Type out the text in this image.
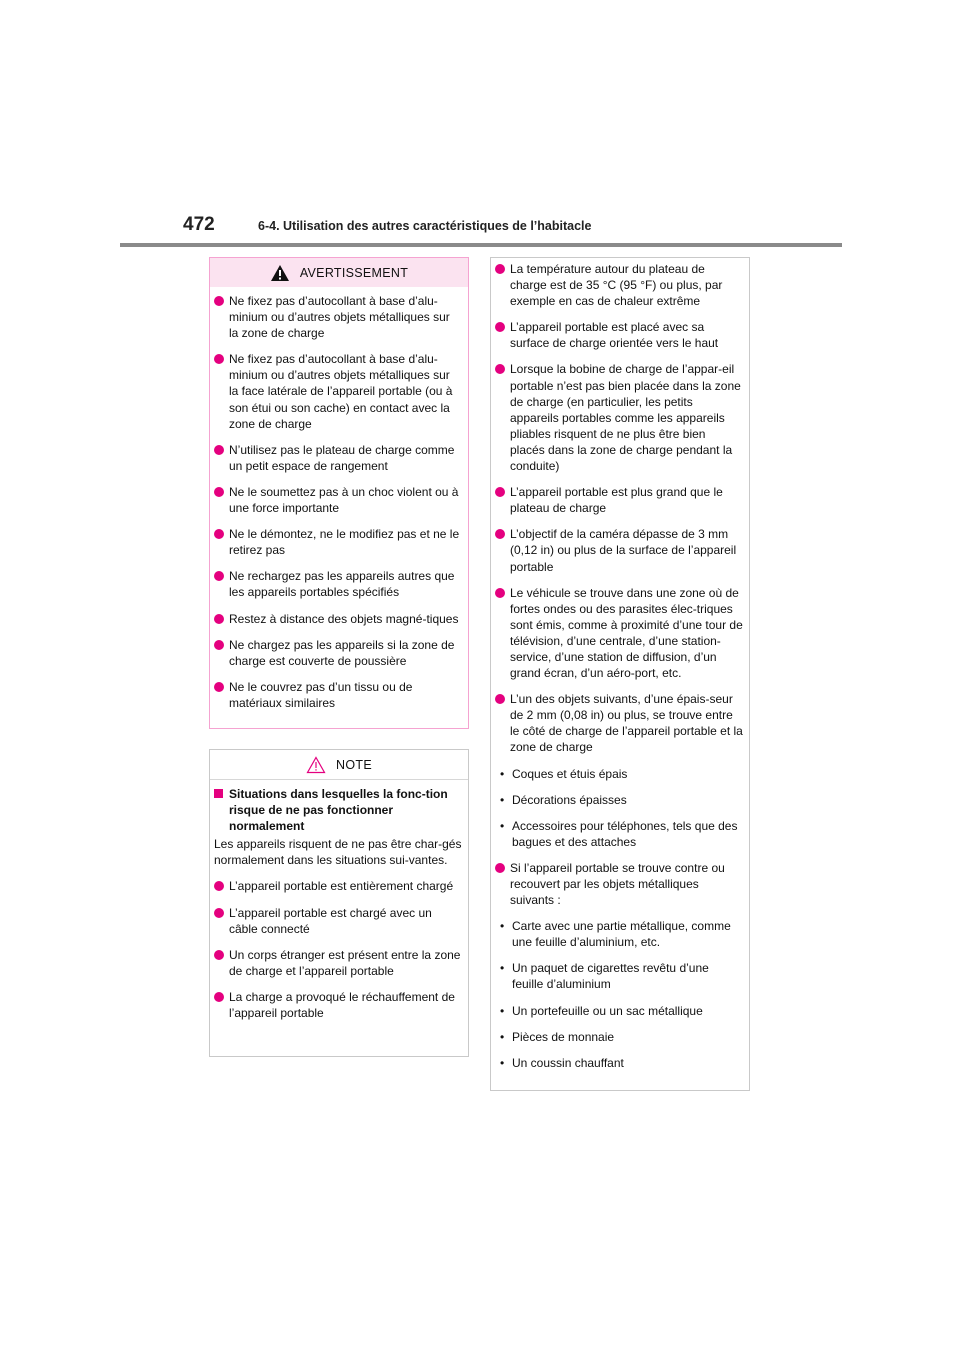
472	6-4. Utilisation des autres caractéristiques de l’habitacle
AVERTISSEMENT
Ne fixez pas d’autocollant à base d’alu-minium ou d’autres objets métalliques sur la zone de charge
Ne fixez pas d’autocollant à base d’alu-minium ou d’autres objets métalliques sur la face latérale de l’appareil portable (ou à son étui ou son cache) en contact avec la zone de charge
N’utilisez pas le plateau de charge comme un petit espace de rangement
Ne le soumettez pas à un choc violent ou à une force importante
Ne le démontez, ne le modifiez pas et ne le retirez pas
Ne rechargez pas les appareils autres que les appareils portables spécifiés
Restez à distance des objets magné-tiques
Ne chargez pas les appareils si la zone de charge est couverte de poussière
Ne le couvrez pas d’un tissu ou de matériaux similaires
NOTE
Situations dans lesquelles la fonc-tion risque de ne pas fonctionner normalement
Les appareils risquent de ne pas être char-gés normalement dans les situations sui-vantes.
L’appareil portable est entièrement chargé
L’appareil portable est chargé avec un câble connecté
Un corps étranger est présent entre la zone de charge et l’appareil portable
La charge a provoqué le réchauffement de l’appareil portable
La température autour du plateau de charge est de 35 °C (95 °F) ou plus, par exemple en cas de chaleur extrême
L’appareil portable est placé avec sa surface de charge orientée vers le haut
Lorsque la bobine de charge de l’appar-eil portable n’est pas bien placée dans la zone de charge (en particulier, les petits appareils portables comme les appareils pliables risquent de ne plus être bien placés dans la zone de charge pendant la conduite)
L’appareil portable est plus grand que le plateau de charge
L’objectif de la caméra dépasse de 3 mm (0,12 in) ou plus de la surface de l’appareil portable
Le véhicule se trouve dans une zone où de fortes ondes ou des parasites élec-triques sont émis, comme à proximité d’une tour de télévision, d’une centrale, d’une station-service, d’une station de diffusion, d’un grand écran, d’un aéro-port, etc.
L’un des objets suivants, d’une épais-seur de 2 mm (0,08 in) ou plus, se trouve entre le côté de charge de l’appareil portable et la zone de charge
• Coques et étuis épais
• Décorations épaisses
• Accessoires pour téléphones, tels que des bagues et des attaches
Si l’appareil portable se trouve contre ou recouvert par les objets métalliques suivants :
• Carte avec une partie métallique, comme une feuille d’aluminium, etc.
• Un paquet de cigarettes revêtu d’une feuille d’aluminium
• Un portefeuille ou un sac métallique
• Pièces de monnaie
• Un coussin chauffant
